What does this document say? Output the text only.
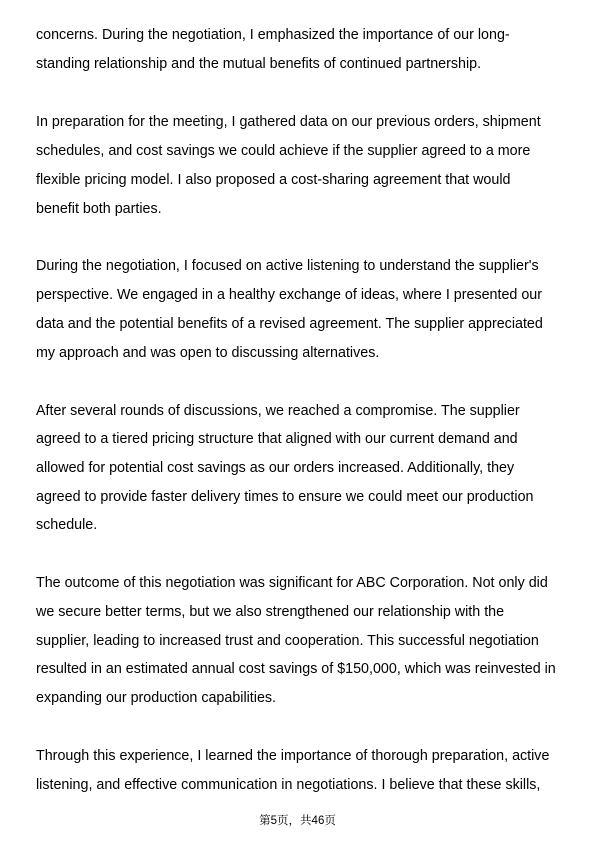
concerns. During the negotiation, I emphasized the importance of our long-

standing relationship and the mutual benefits of continued partnership.

In preparation for the meeting, I gathered data on our previous orders, shipment

schedules, and cost savings we could achieve if the supplier agreed to a more

flexible pricing model. I also proposed a cost-sharing agreement that would

benefit both parties.

During the negotiation, I focused on active listening to understand the supplier's

perspective. We engaged in a healthy exchange of ideas, where I presented our

data and the potential benefits of a revised agreement. The supplier appreciated

my approach and was open to discussing alternatives.

After several rounds of discussions, we reached a compromise. The supplier

agreed to a tiered pricing structure that aligned with our current demand and

allowed for potential cost savings as our orders increased. Additionally, they

agreed to provide faster delivery times to ensure we could meet our production

schedule.

The outcome of this negotiation was significant for ABC Corporation. Not only did

we secure better terms, but we also strengthened our relationship with the

supplier, leading to increased trust and cooperation. This successful negotiation

resulted in an estimated annual cost savings of $150,000, which was reinvested in

expanding our production capabilities.

Through this experience, I learned the importance of thorough preparation, active

listening, and effective communication in negotiations. I believe that these skills,

第5页，共46页
